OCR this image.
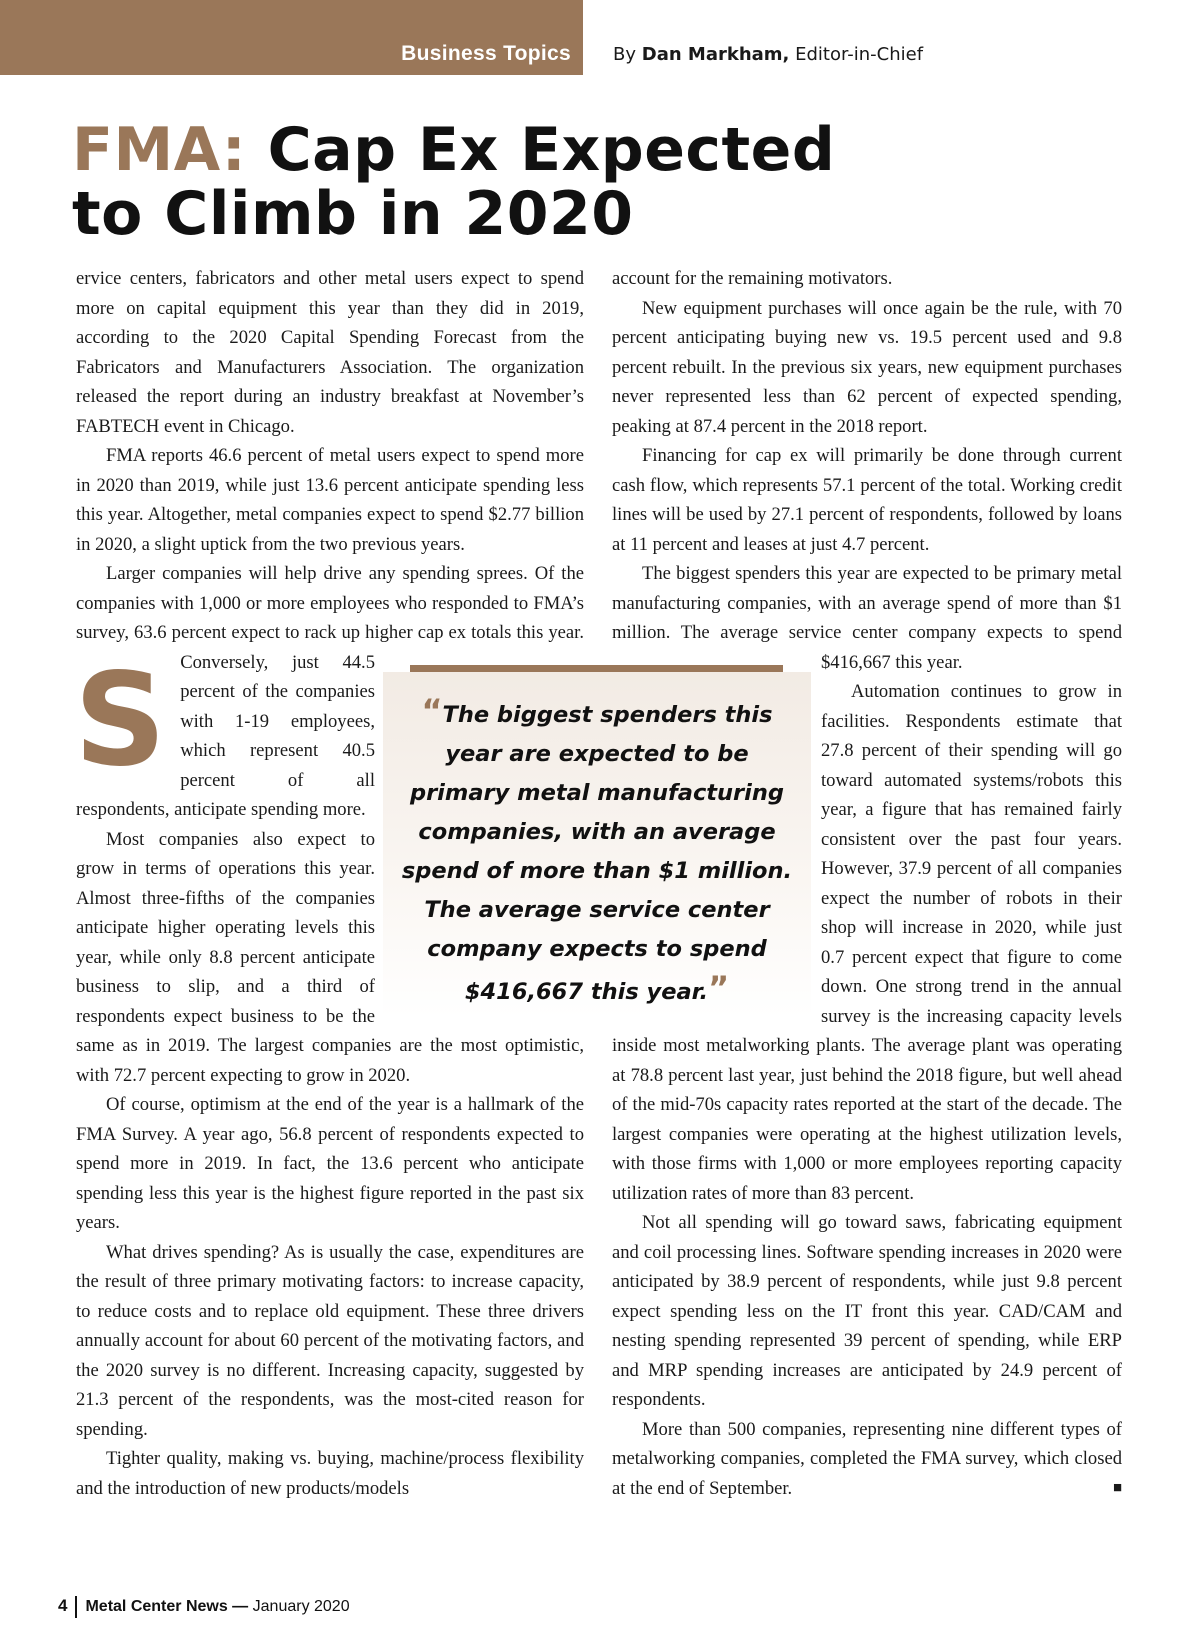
Business Topics By Dan Markham, Editor-in-Chief
FMA: Cap Ex Expected
to Climb in 2020

S
ervice centers, fabricators and other metal users expect to spend more on capital equipment this year than they did in 2019, according to the 2020 Capital Spending Forecast from the Fabricators and Manufacturers Association. The organization released the report during an industry breakfast at November’s FABTECH event in Chicago.

FMA reports 46.6 percent of metal users expect to spend more in 2020 than 2019, while just 13.6 percent anticipate spending less this year. Altogether, metal companies expect to spend $2.77 billion in 2020, a slight uptick from the two previous years.

Larger companies will help drive any spending sprees. Of the companies with 1,000 or more employees who responded to FMA’s survey, 63.6 percent expect to rack up higher cap ex totals this year. Conversely, just 44.5 percent of the companies with 1-19 employees, which represent 40.5 percent of all respondents, anticipate spending more.

Most companies also expect to grow in terms of operations this year. Almost three-fifths of the companies anticipate higher operating levels this year, while only 8.8 percent anticipate business to slip, and a third of respondents expect business to be the same as in 2019. The largest companies are the most optimistic, with 72.7 percent expecting to grow in 2020.

Of course, optimism at the end of the year is a hallmark of the FMA Survey. A year ago, 56.8 percent of respondents expected to spend more in 2019. In fact, the 13.6 percent who anticipate spending less this year is the highest figure reported in the past six years.

What drives spending? As is usually the case, expenditures are the result of three primary motivating factors: to increase capacity, to reduce costs and to replace old equipment. These three drivers annually account for about 60 percent of the motivating factors, and the 2020 survey is no different. Increasing capacity, suggested by 21.3 percent of the respondents, was the most-cited reason for spending.

Tighter quality, making vs. buying, machine/process flexibility and the introduction of new products/models

account for the remaining motivators.

New equipment purchases will once again be the rule, with 70 percent anticipating buying new vs. 19.5 percent used and 9.8 percent rebuilt. In the previous six years, new equipment purchases never represented less than 62 percent of expected spending, peaking at 87.4 percent in the 2018 report.

Financing for cap ex will primarily be done through current cash flow, which represents 57.1 percent of the total. Working credit lines will be used by 27.1 percent of respondents, followed by loans at 11 percent and leases at just 4.7 percent.

The biggest spenders this year are expected to be primary metal manufacturing companies, with an average spend of more than $1 million. The average service center company expects to spend $416,667 this year.

Automation continues to grow in facilities. Respondents estimate that 27.8 percent of their spending will go toward automated systems/robots this year, a figure that has remained fairly consistent over the past four years. However, 37.9 percent of all companies expect the number of robots in their shop will increase in 2020, while just 0.7 percent expect that figure to come down. One strong trend in the annual survey is the increasing capacity levels inside most metalworking plants. The average plant was operating at 78.8 percent last year, just behind the 2018 figure, but well ahead of the mid-70s capacity rates reported at the start of the decade. The largest companies were operating at the highest utilization levels, with those firms with 1,000 or more employees reporting capacity utilization rates of more than 83 percent.

Not all spending will go toward saws, fabricating equipment and coil processing lines. Software spending increases in 2020 were anticipated by 38.9 percent of respondents, while just 9.8 percent expect spending less on the IT front this year. CAD/CAM and nesting spending represented 39 percent of spending, while ERP and MRP spending increases are anticipated by 24.9 percent of respondents.

More than 500 companies, representing nine different types of metalworking companies, completed the FMA survey, which closed at the end of September.	■

“The biggest spenders this year are expected to be primary metal manufacturing companies, with an average spend of more than $1 million. The average service center company expects to spend $416,667 this year.”
4 Metal Center News — January 2020
